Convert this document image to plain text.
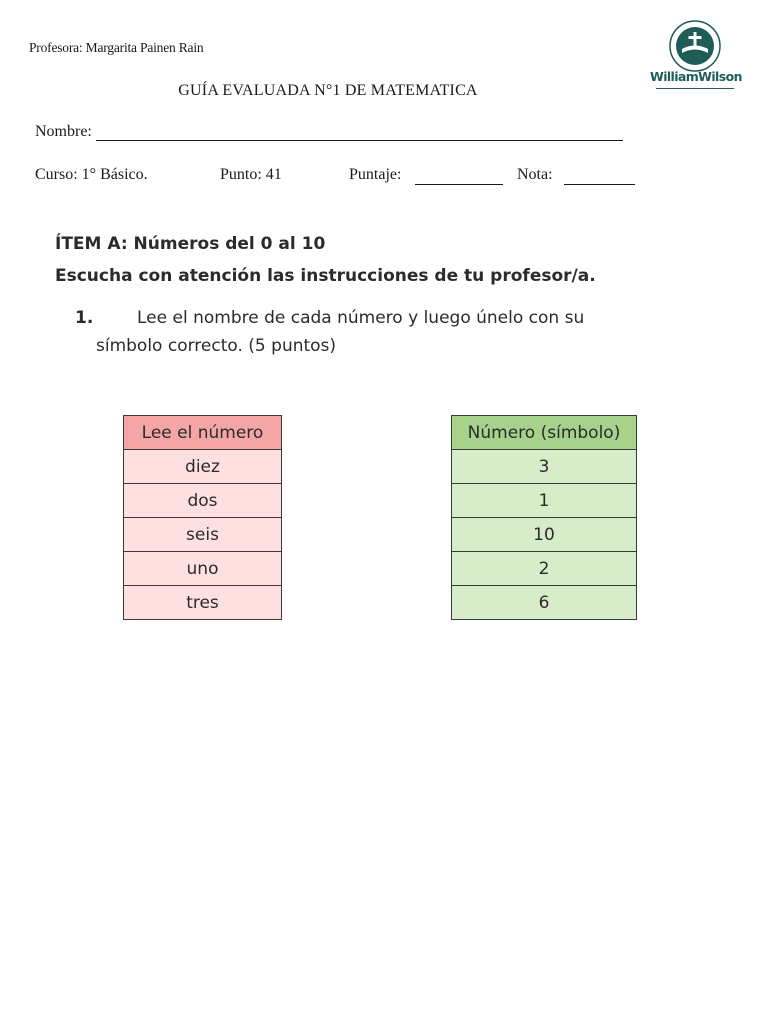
Profesora: Margarita Painen Rain
GUÍA EVALUADA N°1 DE MATEMATICA
WilliamWilson
Nombre:
Curso: 1° Básico.	Punto: 41	Puntaje:	Nota:
ÍTEM A: Números del 0 al 10
Escucha con atención las instrucciones de tu profesor/a.
1.	Lee el nombre de cada número y luego únelo con su
símbolo correcto. (5 puntos)
Lee el número
diez
dos
seis
uno
tres
Número (símbolo)
3
1
10
2
6
